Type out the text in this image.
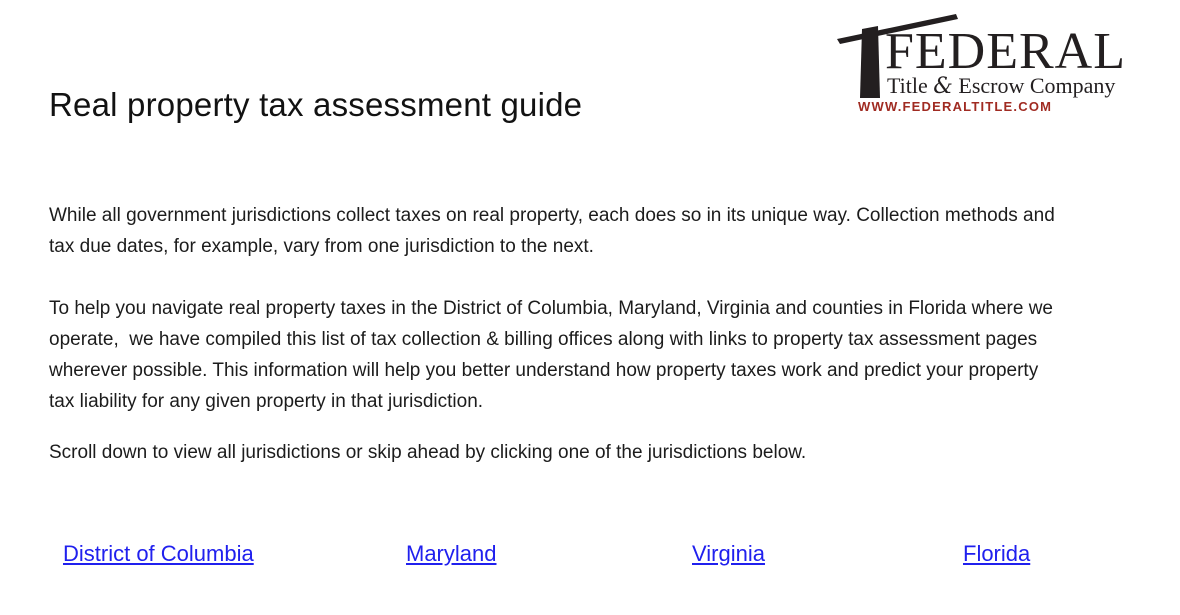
FEDERAL
Title & Escrow Company
WWW.FEDERALTITLE.COM
Real property tax assessment guide
While all government jurisdictions collect taxes on real property, each does so in its unique way. Collection methods and
tax due dates, for example, vary from one jurisdiction to the next.
To help you navigate real property taxes in the District of Columbia, Maryland, Virginia and counties in Florida where we
operate,  we have compiled this list of tax collection & billing offices along with links to property tax assessment pages
wherever possible. This information will help you better understand how property taxes work and predict your property
tax liability for any given property in that jurisdiction.
Scroll down to view all jurisdictions or skip ahead by clicking one of the jurisdictions below.
District of Columbia	Maryland	Virginia	Florida
